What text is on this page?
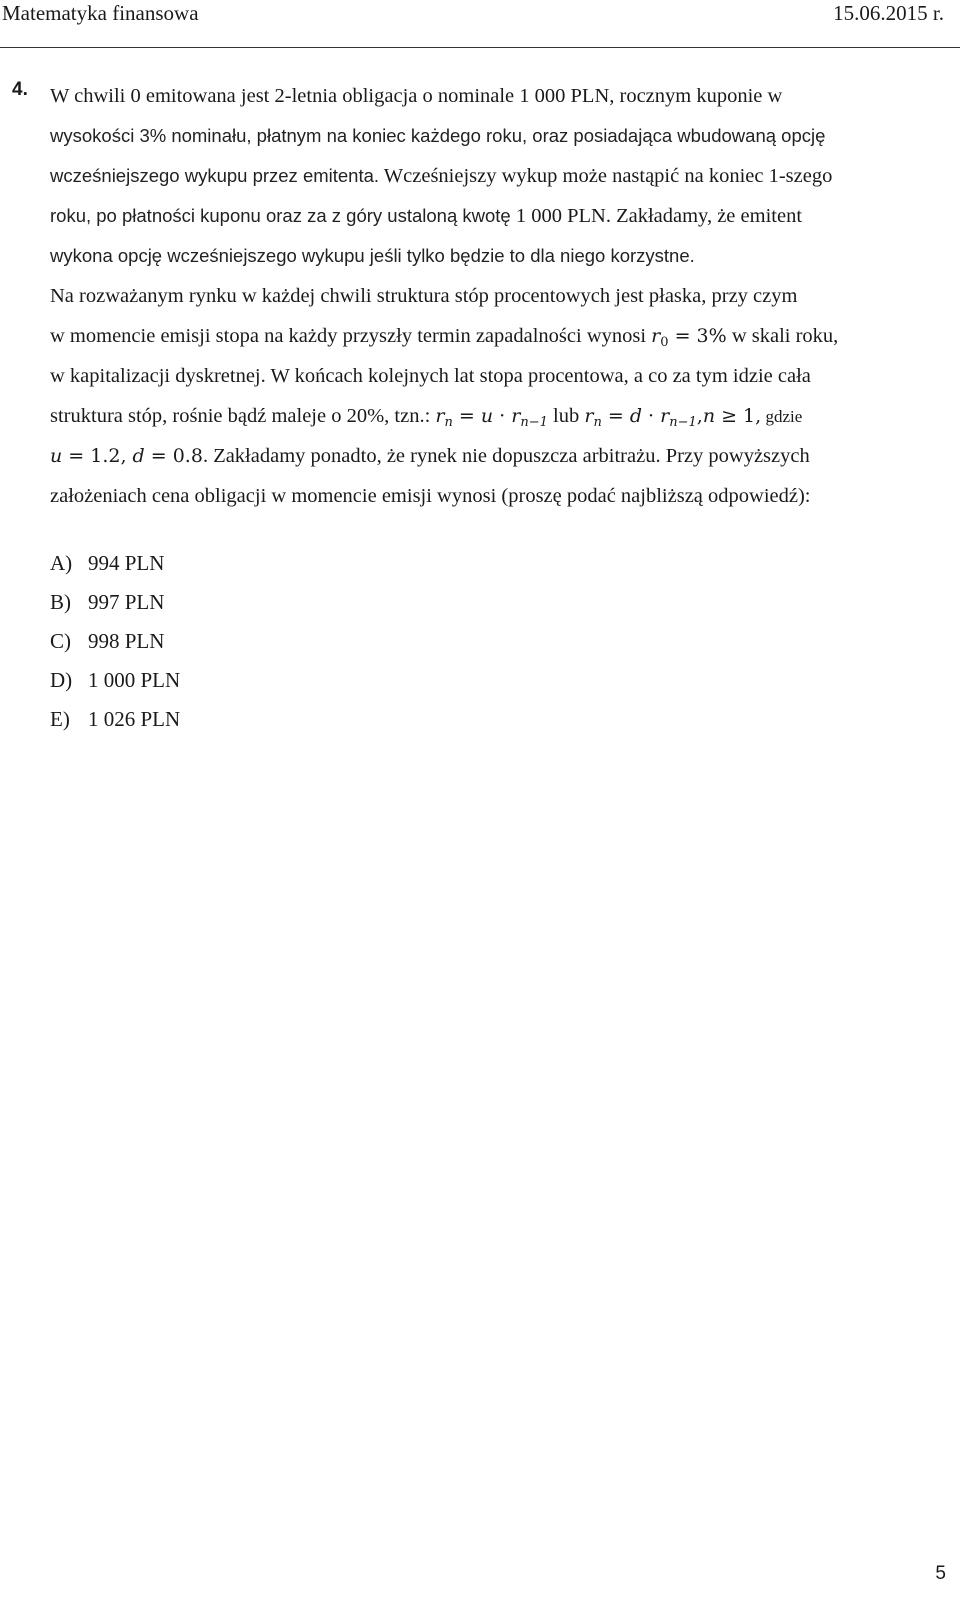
Matematyka finansowa	15.06.2015 r.
4. W chwili 0 emitowana jest 2-letnia obligacja o nominale 1 000 PLN, rocznym kuponie w
wysokości 3% nominału, płatnym na koniec każdego roku, oraz posiadająca wbudowaną opcję
wcześniejszego wykupu przez emitenta. Wcześniejszy wykup może nastąpić na koniec 1-szego
roku, po płatności kuponu oraz za z góry ustaloną kwotę 1 000 PLN. Zakładamy, że emitent
wykona opcję wcześniejszego wykupu jeśli tylko będzie to dla niego korzystne.
Na rozważanym rynku w każdej chwili struktura stóp procentowych jest płaska, przy czym
w momencie emisji stopa na każdy przyszły termin zapadalności wynosi $r_0 = 3\%$ w skali roku,
w kapitalizacji dyskretnej. W końcach kolejnych lat stopa procentowa, a co za tym idzie cała
struktura stóp, rośnie bądź maleje o 20%, tzn.: $r_n = u \cdot r_{n-1}$ lub $r_n = d \cdot r_{n-1},n \ge 1$, gdzie
u = 1.2, d = 0.8. Zakładamy ponadto, że rynek nie dopuszcza arbitrażu. Przy powyższych
założeniach cena obligacji w momencie emisji wynosi (proszę podać najbliższą odpowiedź):
A) 994 PLN
B) 997 PLN
C) 998 PLN
D) 1 000 PLN
E) 1 026 PLN
5
